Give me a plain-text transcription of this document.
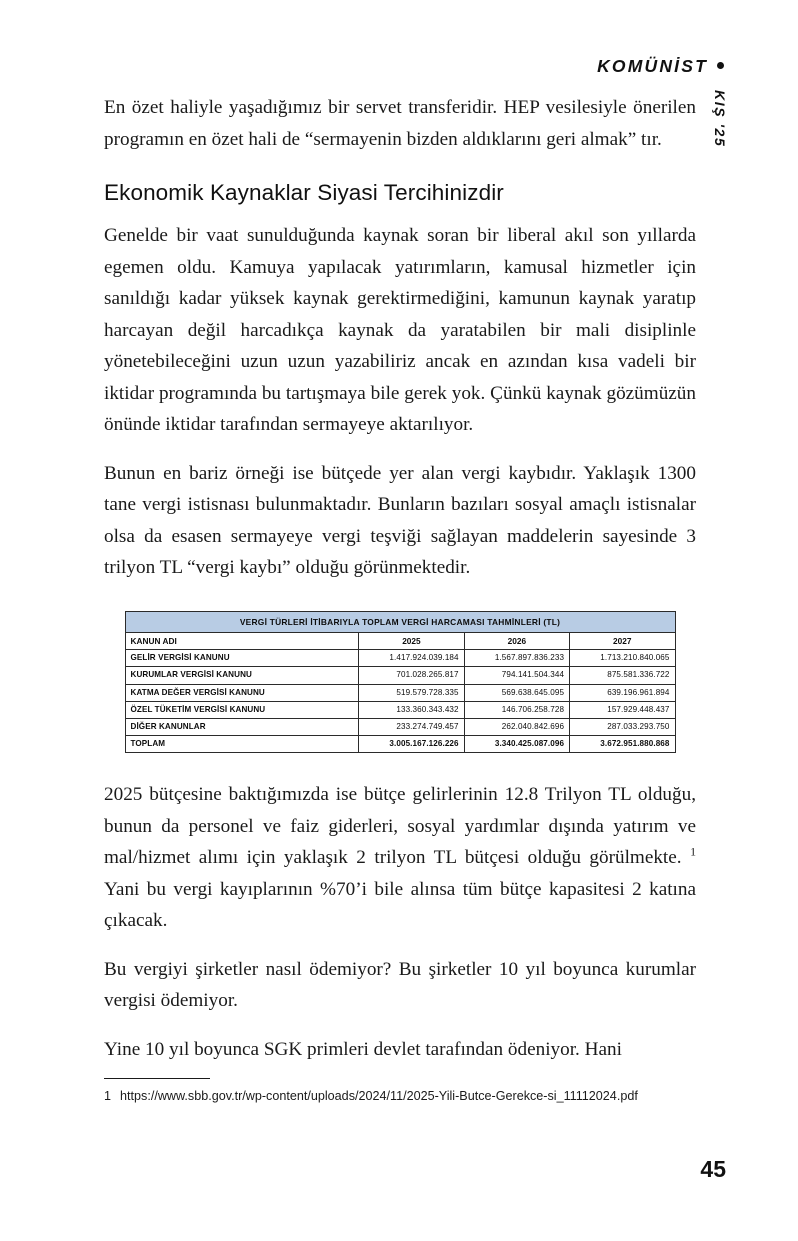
KOMÜNİST
KIŞ '25

En özet haliyle yaşadığımız bir servet transferidir. HEP vesilesiyle önerilen programın en özet hali de “sermayenin bizden aldıklarını geri almak” tır.

Ekonomik Kaynaklar Siyasi Tercihinizdir

Genelde bir vaat sunulduğunda kaynak soran bir liberal akıl son yıllarda egemen oldu. Kamuya yapılacak yatırımların, kamusal hizmetler için sanıldığı kadar yüksek kaynak gerektirmediğini, kamunun kaynak yaratıp harcayan değil harcadıkça kaynak da yaratabilen bir mali disiplinle yönetebileceğini uzun uzun yazabiliriz ancak en azından kısa vadeli bir iktidar programında bu tartışmaya bile gerek yok. Çünkü kaynak gözümüzün önünde iktidar tarafından sermayeye aktarılıyor.

Bunun en bariz örneği ise bütçede yer alan vergi kaybıdır. Yaklaşık 1300 tane vergi istisnası bulunmaktadır. Bunların bazıları sosyal amaçlı istisnalar olsa da esasen sermayeye vergi teşviği sağlayan maddelerin sayesinde 3 trilyon TL “vergi kaybı” olduğu görünmektedir.

VERGİ TÜRLERİ İTİBARIYLA TOPLAM VERGİ HARCAMASI TAHMİNLERİ (TL)			
KANUN ADI	2025	2026	2027
GELİR VERGİSİ KANUNU	1.417.924.039.184	1.567.897.836.233	1.713.210.840.065
KURUMLAR VERGİSİ KANUNU	701.028.265.817	794.141.504.344	875.581.336.722
KATMA DEĞER VERGİSİ KANUNU	519.579.728.335	569.638.645.095	639.196.961.894
ÖZEL TÜKETİM VERGİSİ KANUNU	133.360.343.432	146.706.258.728	157.929.448.437
DİĞER KANUNLAR	233.274.749.457	262.040.842.696	287.033.293.750
TOPLAM	3.005.167.126.226	3.340.425.087.096	3.672.951.880.868

2025 bütçesine baktığımızda ise bütçe gelirlerinin 12.8 Trilyon TL olduğu, bunun da personel ve faiz giderleri, sosyal yardımlar dışında yatırım ve mal/hizmet alımı için yaklaşık 2 trilyon TL bütçesi olduğu görülmekte. $^1$ Yani bu vergi kayıplarının %70’i bile alınsa tüm bütçe kapasitesi 2 katına çıkacak.

Bu vergiyi şirketler nasıl ödemiyor? Bu şirketler 10 yıl boyunca kurumlar vergisi ödemiyor.

Yine 10 yıl boyunca SGK primleri devlet tarafından ödeniyor. Hani

1 https://www.sbb.gov.tr/wp-content/uploads/2024/11/2025-Yili-Butce-Gerekce-si_11112024.pdf
45
